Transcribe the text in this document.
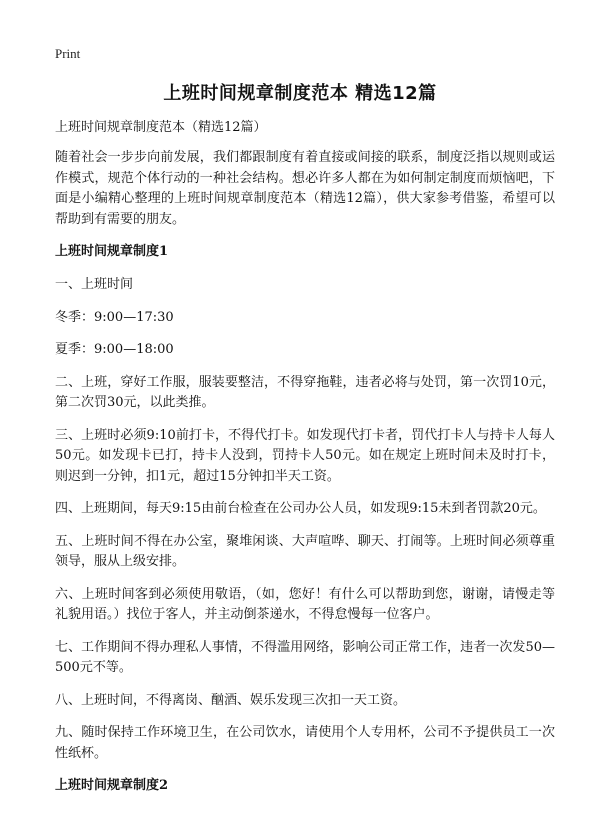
Print
上班时间规章制度范本 精选12篇
上班时间规章制度范本（精选12篇）

随着社会一步步向前发展，我们都跟制度有着直接或间接的联系，制度泛指以规则或运作模式，规范个体行动的一种社会结构。想必许多人都在为如何制定制度而烦恼吧，下面是小编精心整理的上班时间规章制度范本（精选12篇），供大家参考借鉴，希望可以帮助到有需要的朋友。

上班时间规章制度1

一、上班时间

冬季：9:00—17:30

夏季：9:00—18:00

二、上班，穿好工作服，服装要整洁，不得穿拖鞋，违者必将与处罚，第一次罚10元，第二次罚30元，以此类推。

三、上班时必须9:10前打卡，不得代打卡。如发现代打卡者，罚代打卡人与持卡人每人50元。如发现卡已打，持卡人没到，罚持卡人50元。如在规定上班时间未及时打卡，则迟到一分钟，扣1元，超过15分钟扣半天工资。

四、上班期间，每天9:15由前台检查在公司办公人员，如发现9:15未到者罚款20元。

五、上班时间不得在办公室，聚堆闲谈、大声喧哗、聊天、打闹等。上班时间必须尊重领导，服从上级安排。

六、上班时间客到必须使用敬语，（如，您好！有什么可以帮助到您，谢谢，请慢走等礼貌用语。）找位于客人，并主动倒茶递水，不得怠慢每一位客户。

七、工作期间不得办理私人事情，不得滥用网络，影响公司正常工作，违者一次发50—500元不等。

八、上班时间，不得离岗、酗酒、娱乐发现三次扣一天工资。

九、随时保持工作环境卫生，在公司饮水，请使用个人专用杯，公司不予提供员工一次性纸杯。

上班时间规章制度2
